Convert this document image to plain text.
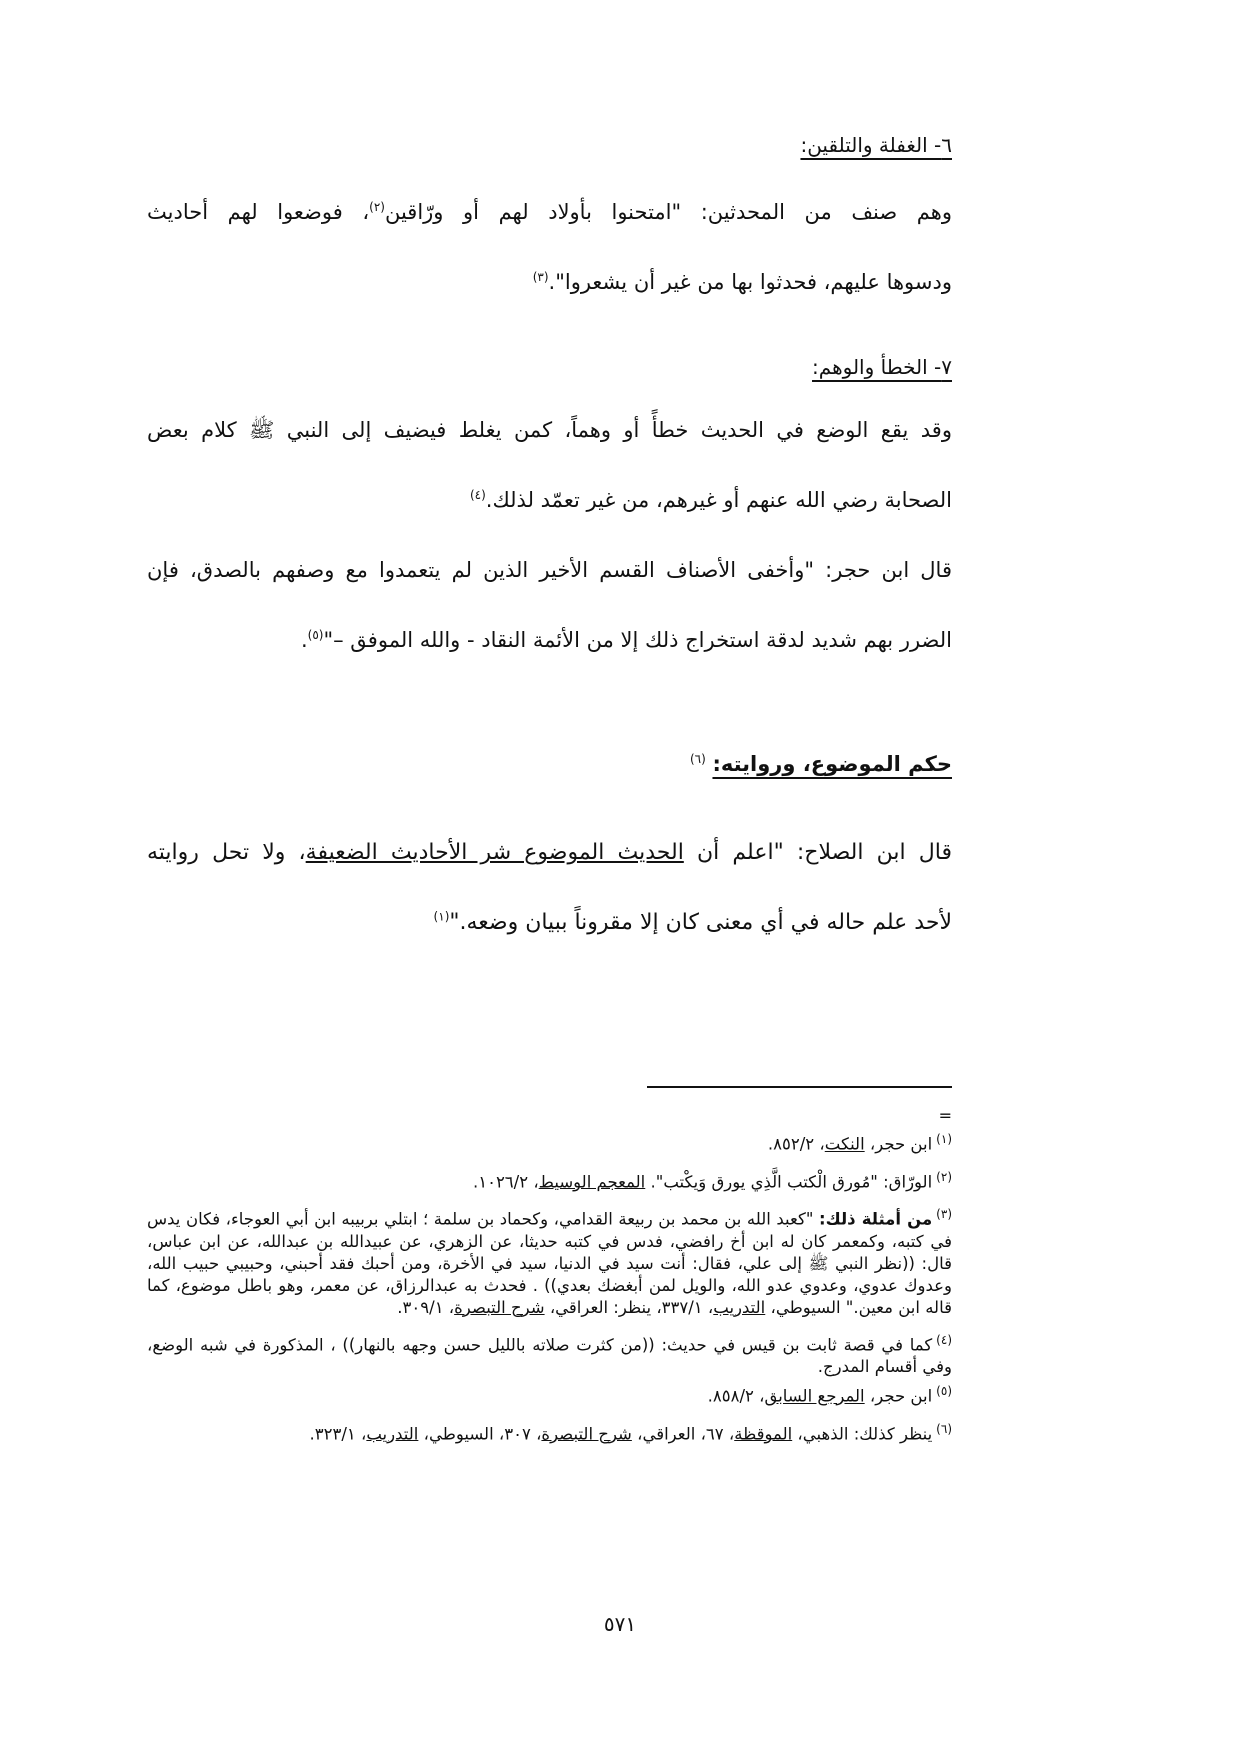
٦- الغفلة والتلقين:
وهم صنف من المحدثين: "امتحنوا بأولاد لهم أو ورّاقين$^{(٢)}$، فوضعوا لهم أحاديث
ودسوها عليهم، فحدثوا بها من غير أن يشعروا".$^{(٣)}$
٧- الخطأ والوهم:
وقد يقع الوضع في الحديث خطأً أو وهماً، كمن يغلط فيضيف إلى النبي ﷺ كلام بعض
الصحابة رضي الله عنهم أو غيرهم، من غير تعمّد لذلك.$^{(٤)}$
قال ابن حجر: "وأخفى الأصناف القسم الأخير الذين لم يتعمدوا مع وصفهم بالصدق، فإن
الضرر بهم شديد لدقة استخراج ذلك إلا من الأئمة النقاد - والله الموفق –"$^{(٥)}$.
حكم الموضوع، وروايته: $^{(٦)}$
قال ابن الصلاح: "اعلم أن الحديث الموضوع شر الأحاديث الضعيفة، ولا تحل روايته
لأحد علم حاله في أي معنى كان إلا مقروناً ببيان وضعه."$^{(١)}$
=
$^{(١)}$ابن حجر، النكت، ٨٥٢/٢.
$^{(٢)}$الورّاق: "مُورق الْكتب الَّذِي يورق وَيكْتب". المعجم الوسيط، ١٠٢٦/٢.
$^{(٣)}$من أمثلة ذلك: "كعبد الله بن محمد بن ربيعة القدامي، وكحماد بن سلمة ؛ ابتلي بربيبه ابن أبي العوجاء، فكان يدس في كتبه، وكمعمر كان له ابن أخ رافضي، فدس في كتبه حديثا، عن الزهري، عن عبيدالله بن عبدالله، عن ابن عباس، قال: ((نظر النبي ﷺ إلى علي، فقال: أنت سيد في الدنيا، سيد في الأخرة، ومن أحبك فقد أحبني، وحبيبي حبيب الله، وعدوك عدوي، وعدوي عدو الله، والويل لمن أبغضك بعدي)) . فحدث به عبدالرزاق، عن معمر، وهو باطل موضوع، كما قاله ابن معين." السيوطي، التدريب، ٣٣٧/١، ينظر: العراقي، شرح التبصرة، ٣٠٩/١.
$^{(٤)}$كما في قصة ثابت بن قيس في حديث: ((من كثرت صلاته بالليل حسن وجهه بالنهار)) ، المذكورة في شبه الوضع، وفي أقسام المدرج.
$^{(٥)}$ابن حجر، المرجع السابق، ٨٥٨/٢.
$^{(٦)}$ينظر كذلك: الذهبي، الموقظة، ٦٧، العراقي، شرح التبصرة، ٣٠٧، السيوطي، التدريب، ٣٢٣/١.
٥٧١
